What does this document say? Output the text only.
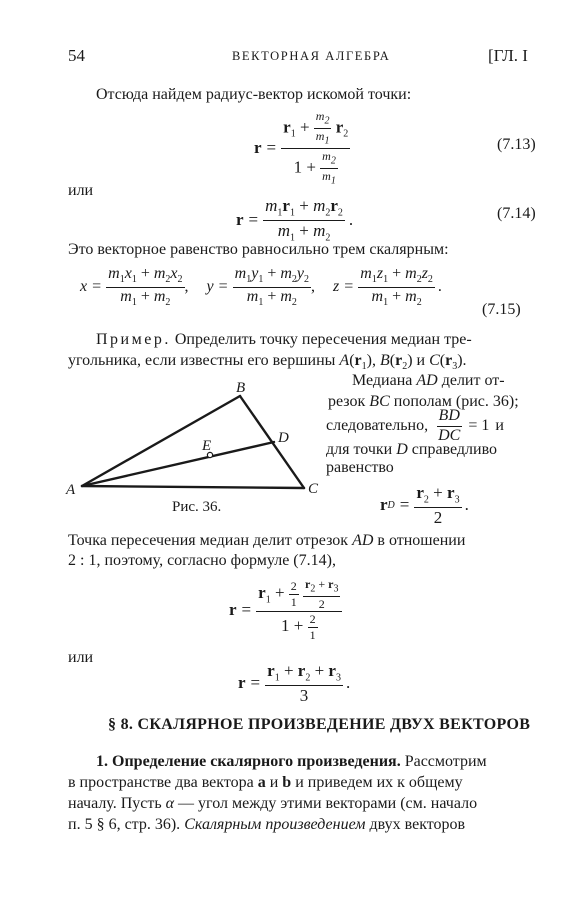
54	ВЕКТОРНАЯ АЛГЕБРА	[ГЛ. I
Отсюда найдем радиус-вектор искомой точки:
$r = \frac{r_1 + \frac{m_2}{m_1} r_2}{1 + \frac{m_2}{m_1}}$	(7.13)
или
$r = \frac{m_1r_1 + m_2r_2}{m_1 + m_2}$ .	(7.14)
Это векторное равенство равносильно трем скалярным:
$x = \frac{m_1x_1 + m_2x_2}{m_1 + m_2}$ , $y = \frac{m_1y_1 + m_2y_2}{m_1 + m_2}$ , $z = \frac{m_1z_1 + m_2z_2}{m_1 + m_2}$ .
(7.15)
Пример. Определить точку пересечения медиан тре-
угольника, если известны его вершины $A(r_1)$, $B(r_2)$ и $C(r_3)$.
A
B
C
D
E
Рис. 36.
Медиана AD делит от-
резок BC пополам (рис. 36);
следовательно, $\frac{BD}{DC} = 1$ и
для точки D справедливо
равенство
r $D = \frac{r_2 + r_3}{2}$ .
Точка пересечения медиан делит отрезок AD в отношении
2 : 1, поэтому, согласно формуле (7.14),
$r = r_1 + \frac{2}{1}$
$\frac{r_2 + r_3}{2}$
$1 + \frac{2}{1}$
или
$r = \frac{r_1 + r_2 + r_3}{3}$ .
§ 8. СКАЛЯРНОЕ ПРОИЗВЕДЕНИЕ ДВУХ ВЕКТОРОВ
1. Определение скалярного произведения. Рассмотрим
в пространстве два вектора a и b и приведем их к общему
началу. Пусть α — угол между этими векторами (см. начало
п. 5 § 6, стр. 36). Скалярным произведением двух векторов
